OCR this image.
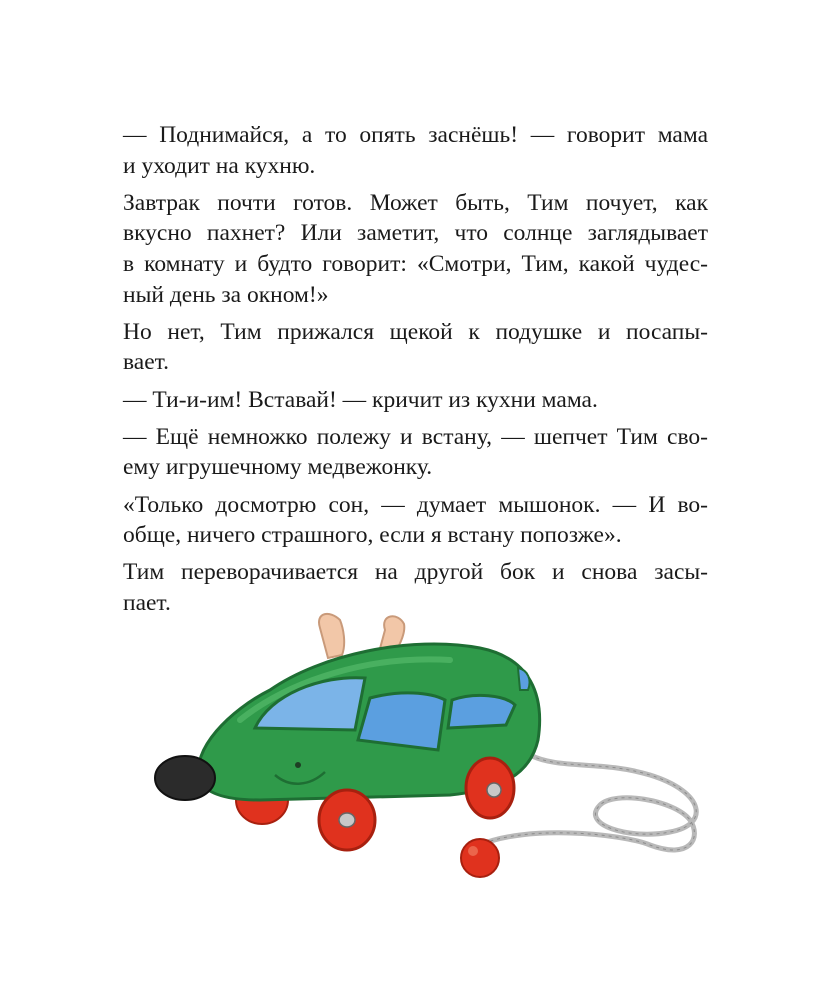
— Поднимайся, а то опять заснёшь! — говорит мама
и уходит на кухню.
Завтрак почти готов. Может быть, Тим почует, как
вкусно пахнет? Или заметит, что солнце заглядывает
в комнату и будто говорит: «Смотри, Тим, какой чудес-
ный день за окном!»
Но нет, Тим прижался щекой к подушке и посапы-
вает.
— Ти-и-им! Вставай! — кричит из кухни мама.
— Ещё немножко полежу и встану, — шепчет Тим сво-
ему игрушечному медвежонку.
«Только досмотрю сон, — думает мышонок. — И во-
обще, ничего страшного, если я встану попозже».
Тим переворачивается на другой бок и снова засы-
пает.
